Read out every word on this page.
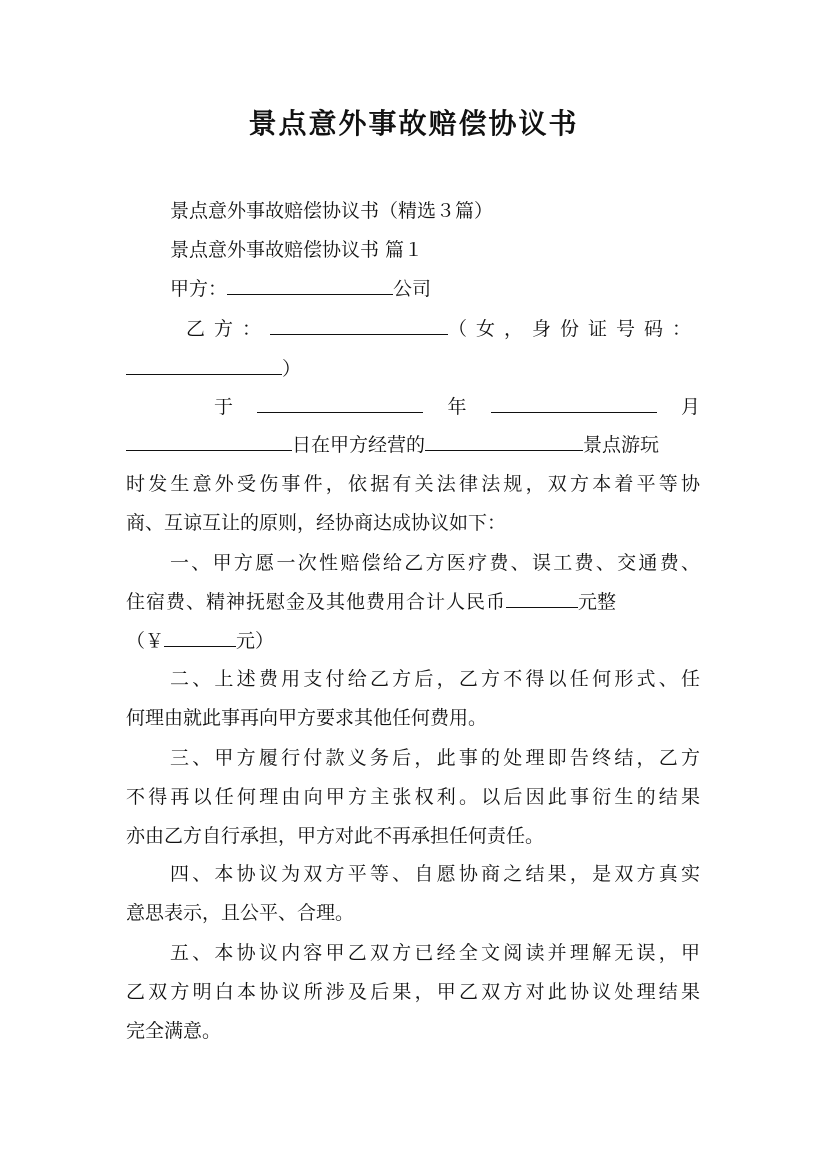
景点意外事故赔偿协议书

景点意外事故赔偿协议书（精选３篇）

景点意外事故赔偿协议书 篇１

甲方：	公司

乙方：	（女，身份证号码：

）

于	年	月

日在甲方经营的	景点游玩

时发生意外受伤事件，依据有关法律法规，双方本着平等协

商、互谅互让的原则，经协商达成协议如下：

一、甲方愿一次性赔偿给乙方医疗费、误工费、交通费、

住宿费、精神抚慰金及其他费用合计人民币	元整

（￥	元）

二、上述费用支付给乙方后，乙方不得以任何形式、任

何理由就此事再向甲方要求其他任何费用。

三、甲方履行付款义务后，此事的处理即告终结，乙方

不得再以任何理由向甲方主张权利。以后因此事衍生的结果

亦由乙方自行承担，甲方对此不再承担任何责任。

四、本协议为双方平等、自愿协商之结果，是双方真实

意思表示，且公平、合理。

五、本协议内容甲乙双方已经全文阅读并理解无误，甲

乙双方明白本协议所涉及后果，甲乙双方对此协议处理结果

完全满意。
